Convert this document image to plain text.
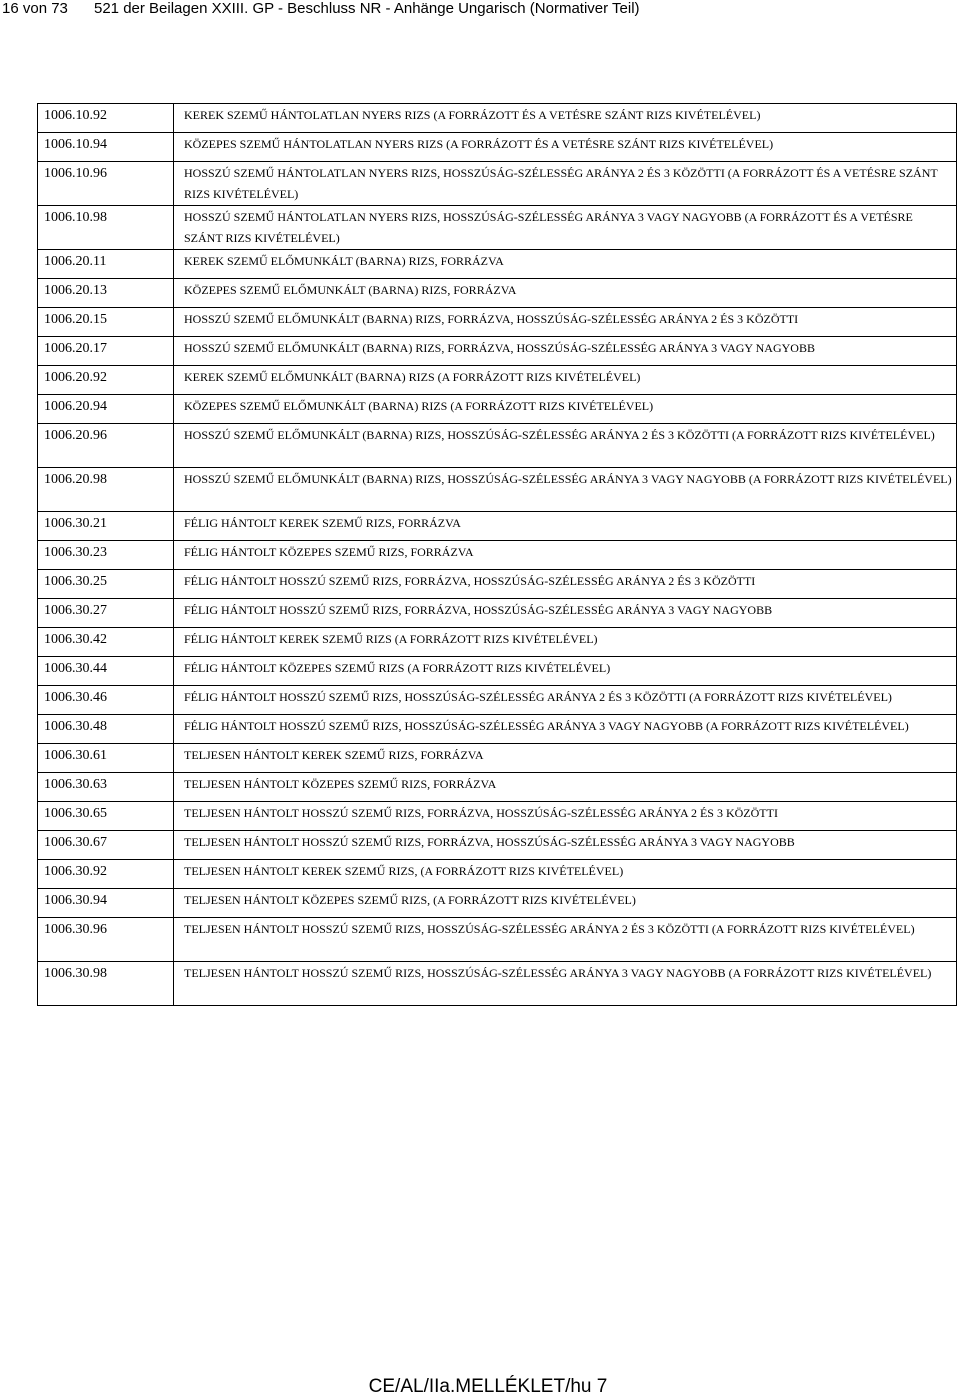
16 von 73 521 der Beilagen XXIII. GP - Beschluss NR - Anhänge Ungarisch (Normativer Teil)
1006.10.92	KEREK SZEMŰ HÁNTOLATLAN NYERS RIZS (A FORRÁZOTT ÉS A VETÉSRE SZÁNT RIZS KIVÉTELÉVEL)
1006.10.94	KÖZEPES SZEMŰ HÁNTOLATLAN NYERS RIZS (A FORRÁZOTT ÉS A VETÉSRE SZÁNT RIZS KIVÉTELÉVEL)
1006.10.96	HOSSZÚ SZEMŰ HÁNTOLATLAN NYERS RIZS, HOSSZÚSÁG-SZÉLESSÉG ARÁNYA 2 ÉS 3 KÖZÖTTI (A FORRÁZOTT ÉS A VETÉSRE SZÁNT RIZS KIVÉTELÉVEL)
1006.10.98	HOSSZÚ SZEMŰ HÁNTOLATLAN NYERS RIZS, HOSSZÚSÁG-SZÉLESSÉG ARÁNYA 3 VAGY NAGYOBB (A FORRÁZOTT ÉS A VETÉSRE SZÁNT RIZS KIVÉTELÉVEL)
1006.20.11	KEREK SZEMŰ ELŐMUNKÁLT (BARNA) RIZS, FORRÁZVA
1006.20.13	KÖZEPES SZEMŰ ELŐMUNKÁLT (BARNA) RIZS, FORRÁZVA
1006.20.15	HOSSZÚ SZEMŰ ELŐMUNKÁLT (BARNA) RIZS, FORRÁZVA, HOSSZÚSÁG-SZÉLESSÉG ARÁNYA 2 ÉS 3 KÖZÖTTI
1006.20.17	HOSSZÚ SZEMŰ ELŐMUNKÁLT (BARNA) RIZS, FORRÁZVA, HOSSZÚSÁG-SZÉLESSÉG ARÁNYA 3 VAGY NAGYOBB
1006.20.92	KEREK SZEMŰ ELŐMUNKÁLT (BARNA) RIZS (A FORRÁZOTT RIZS KIVÉTELÉVEL)
1006.20.94	KÖZEPES SZEMŰ ELŐMUNKÁLT (BARNA) RIZS (A FORRÁZOTT RIZS KIVÉTELÉVEL)
1006.20.96	HOSSZÚ SZEMŰ ELŐMUNKÁLT (BARNA) RIZS, HOSSZÚSÁG-SZÉLESSÉG ARÁNYA 2 ÉS 3 KÖZÖTTI (A FORRÁZOTT RIZS KIVÉTELÉVEL)
1006.20.98	HOSSZÚ SZEMŰ ELŐMUNKÁLT (BARNA) RIZS, HOSSZÚSÁG-SZÉLESSÉG ARÁNYA 3 VAGY NAGYOBB (A FORRÁZOTT RIZS KIVÉTELÉVEL)
1006.30.21	FÉLIG HÁNTOLT KEREK SZEMŰ RIZS, FORRÁZVA
1006.30.23	FÉLIG HÁNTOLT KÖZEPES SZEMŰ RIZS, FORRÁZVA
1006.30.25	FÉLIG HÁNTOLT HOSSZÚ SZEMŰ RIZS, FORRÁZVA, HOSSZÚSÁG-SZÉLESSÉG ARÁNYA 2 ÉS 3 KÖZÖTTI
1006.30.27	FÉLIG HÁNTOLT HOSSZÚ SZEMŰ RIZS, FORRÁZVA, HOSSZÚSÁG-SZÉLESSÉG ARÁNYA 3 VAGY NAGYOBB
1006.30.42	FÉLIG HÁNTOLT KEREK SZEMŰ RIZS (A FORRÁZOTT RIZS KIVÉTELÉVEL)
1006.30.44	FÉLIG HÁNTOLT KÖZEPES SZEMŰ RIZS (A FORRÁZOTT RIZS KIVÉTELÉVEL)
1006.30.46	FÉLIG HÁNTOLT HOSSZÚ SZEMŰ RIZS, HOSSZÚSÁG-SZÉLESSÉG ARÁNYA 2 ÉS 3 KÖZÖTTI (A FORRÁZOTT RIZS KIVÉTELÉVEL)
1006.30.48	FÉLIG HÁNTOLT HOSSZÚ SZEMŰ RIZS, HOSSZÚSÁG-SZÉLESSÉG ARÁNYA 3 VAGY NAGYOBB (A FORRÁZOTT RIZS KIVÉTELÉVEL)
1006.30.61	TELJESEN HÁNTOLT KEREK SZEMŰ RIZS, FORRÁZVA
1006.30.63	TELJESEN HÁNTOLT KÖZEPES SZEMŰ RIZS, FORRÁZVA
1006.30.65	TELJESEN HÁNTOLT HOSSZÚ SZEMŰ RIZS, FORRÁZVA, HOSSZÚSÁG-SZÉLESSÉG ARÁNYA 2 ÉS 3 KÖZÖTTI
1006.30.67	TELJESEN HÁNTOLT HOSSZÚ SZEMŰ RIZS, FORRÁZVA, HOSSZÚSÁG-SZÉLESSÉG ARÁNYA 3 VAGY NAGYOBB
1006.30.92	TELJESEN HÁNTOLT KEREK SZEMŰ RIZS, (A FORRÁZOTT RIZS KIVÉTELÉVEL)
1006.30.94	TELJESEN HÁNTOLT KÖZEPES SZEMŰ RIZS, (A FORRÁZOTT RIZS KIVÉTELÉVEL)
1006.30.96	TELJESEN HÁNTOLT HOSSZÚ SZEMŰ RIZS, HOSSZÚSÁG-SZÉLESSÉG ARÁNYA 2 ÉS 3 KÖZÖTTI (A FORRÁZOTT RIZS KIVÉTELÉVEL)
1006.30.98	TELJESEN HÁNTOLT HOSSZÚ SZEMŰ RIZS, HOSSZÚSÁG-SZÉLESSÉG ARÁNYA 3 VAGY NAGYOBB (A FORRÁZOTT RIZS KIVÉTELÉVEL)
CE/AL/IIa.MELLÉKLET/hu 7
